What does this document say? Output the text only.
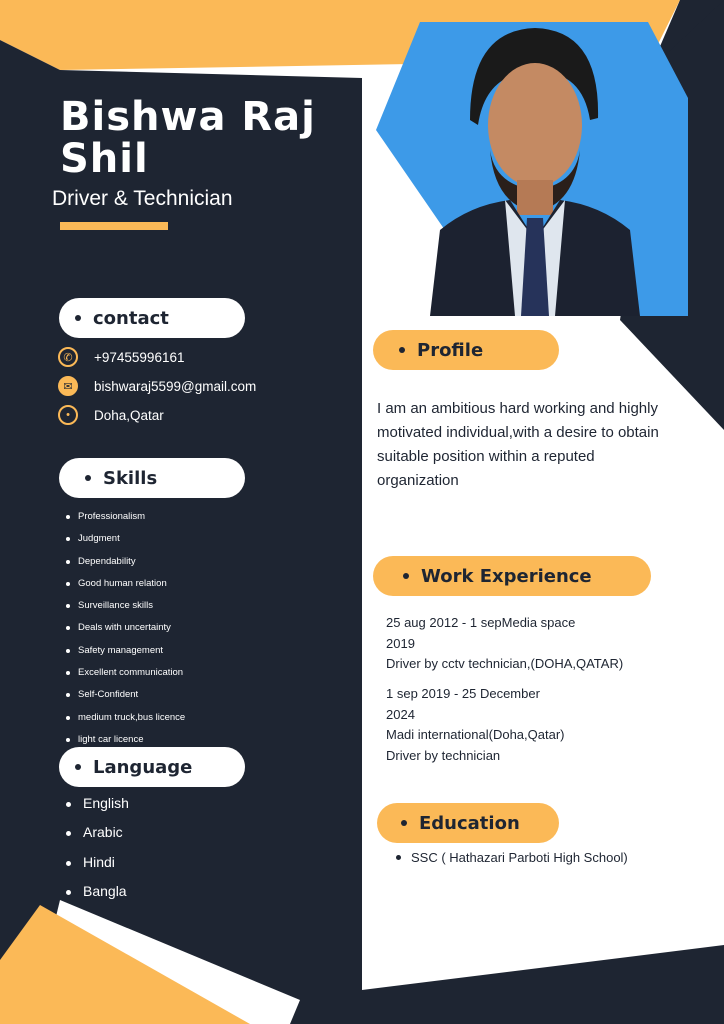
Bishwa Raj
Shil
Driver & Technician
contact
✆	+97455996161
✉	bishwaraj5599@gmail.com
•	Doha,Qatar
Skills
Professionalism
Judgment
Dependability
Good human relation
Surveillance skills
Deals with uncertainty
Safety management
Excellent communication
Self-Confident
medium truck,bus licence
light car licence
Language
English
Arabic
Hindi
Bangla
Profile
I am an ambitious hard working and highly
motivated individual,with a desire to obtain
suitable position within a reputed
organization
Work Experience
25 aug 2012 - 1 sepMedia space
2019
Driver by cctv technician,(DOHA,QATAR)
1 sep 2019 - 25 December
2024
Madi international(Doha,Qatar)
Driver by technician
Education
SSC ( Hathazari Parboti High School)
